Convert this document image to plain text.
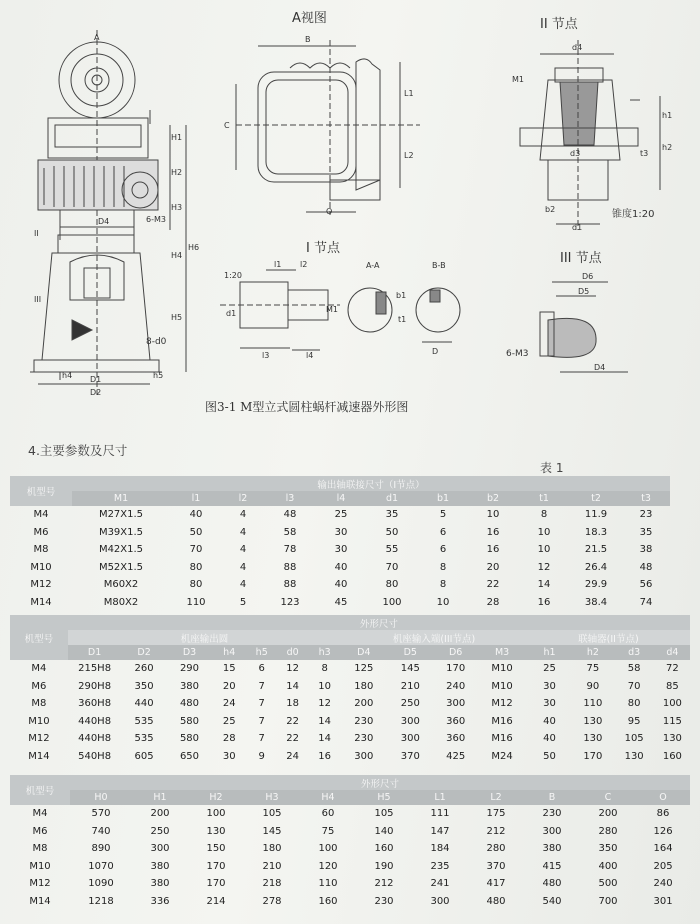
A视图	II 节点
I 节点
III 节点
锥度1:20
A
H1
H2
H3
H4
H5
H6
6-M3
D4
II
III
8-d0
h4	h5
D1
D2
B
C
L1
L2
O
d4
M1
h1
h2
d3
b2
t3
d1
1:20
l1 l2
M1
d1
l3	l4
A-A	B-B
t1
b1
D
D6
D5
6-M3
D4
图3-1 M型立式圆柱蜗杆减速器外形图
4.主要参数及尺寸
表 1
机型号	输出轴联接尺寸（I节点）										
	M1	l1	l2	l3	l4	d1	b1	b2	t1	t2	t3
M4	M27X1.5	40	4	48	25	35	5	10	8	11.9	23
M6	M39X1.5	50	4	58	30	50	6	16	10	18.3	35
M8	M42X1.5	70	4	78	30	55	6	16	10	21.5	38
M10	M52X1.5	80	4	88	40	70	8	20	12	26.4	48
M12	M60X2	80	4	88	40	80	8	22	14	29.9	56
M14	M80X2	110	5	123	45	100	10	28	16	38.4	74
机型号	外形尺寸														
	机座输出圆							机座输入端(III节点)				联轴器(II节点)			
	D1	D2	D3	h4	h5	d0	h3	D4	D5	D6	M3	h1	h2	d3	d4
M4	215H8	260	290	15	6	12	8	125	145	170	M10	25	75	58	72
M6	290H8	350	380	20	7	14	10	180	210	240	M10	30	90	70	85
M8	360H8	440	480	24	7	18	12	200	250	300	M12	30	110	80	100
M10	440H8	535	580	25	7	22	14	230	300	360	M16	40	130	95	115
M12	440H8	535	580	28	7	22	14	230	300	360	M16	40	130	105	130
M14	540H8	605	650	30	9	24	16	300	370	425	M24	50	170	130	160
机型号	外形尺寸										
	H0	H1	H2	H3	H4	H5	L1	L2	B	C	O
M4	570	200	100	105	60	105	111	175	230	200	86
M6	740	250	130	145	75	140	147	212	300	280	126
M8	890	300	150	180	100	160	184	280	380	350	164
M10	1070	380	170	210	120	190	235	370	415	400	205
M12	1090	380	170	218	110	212	241	417	480	500	240
M14	1218	336	214	278	160	230	300	480	540	700	301
